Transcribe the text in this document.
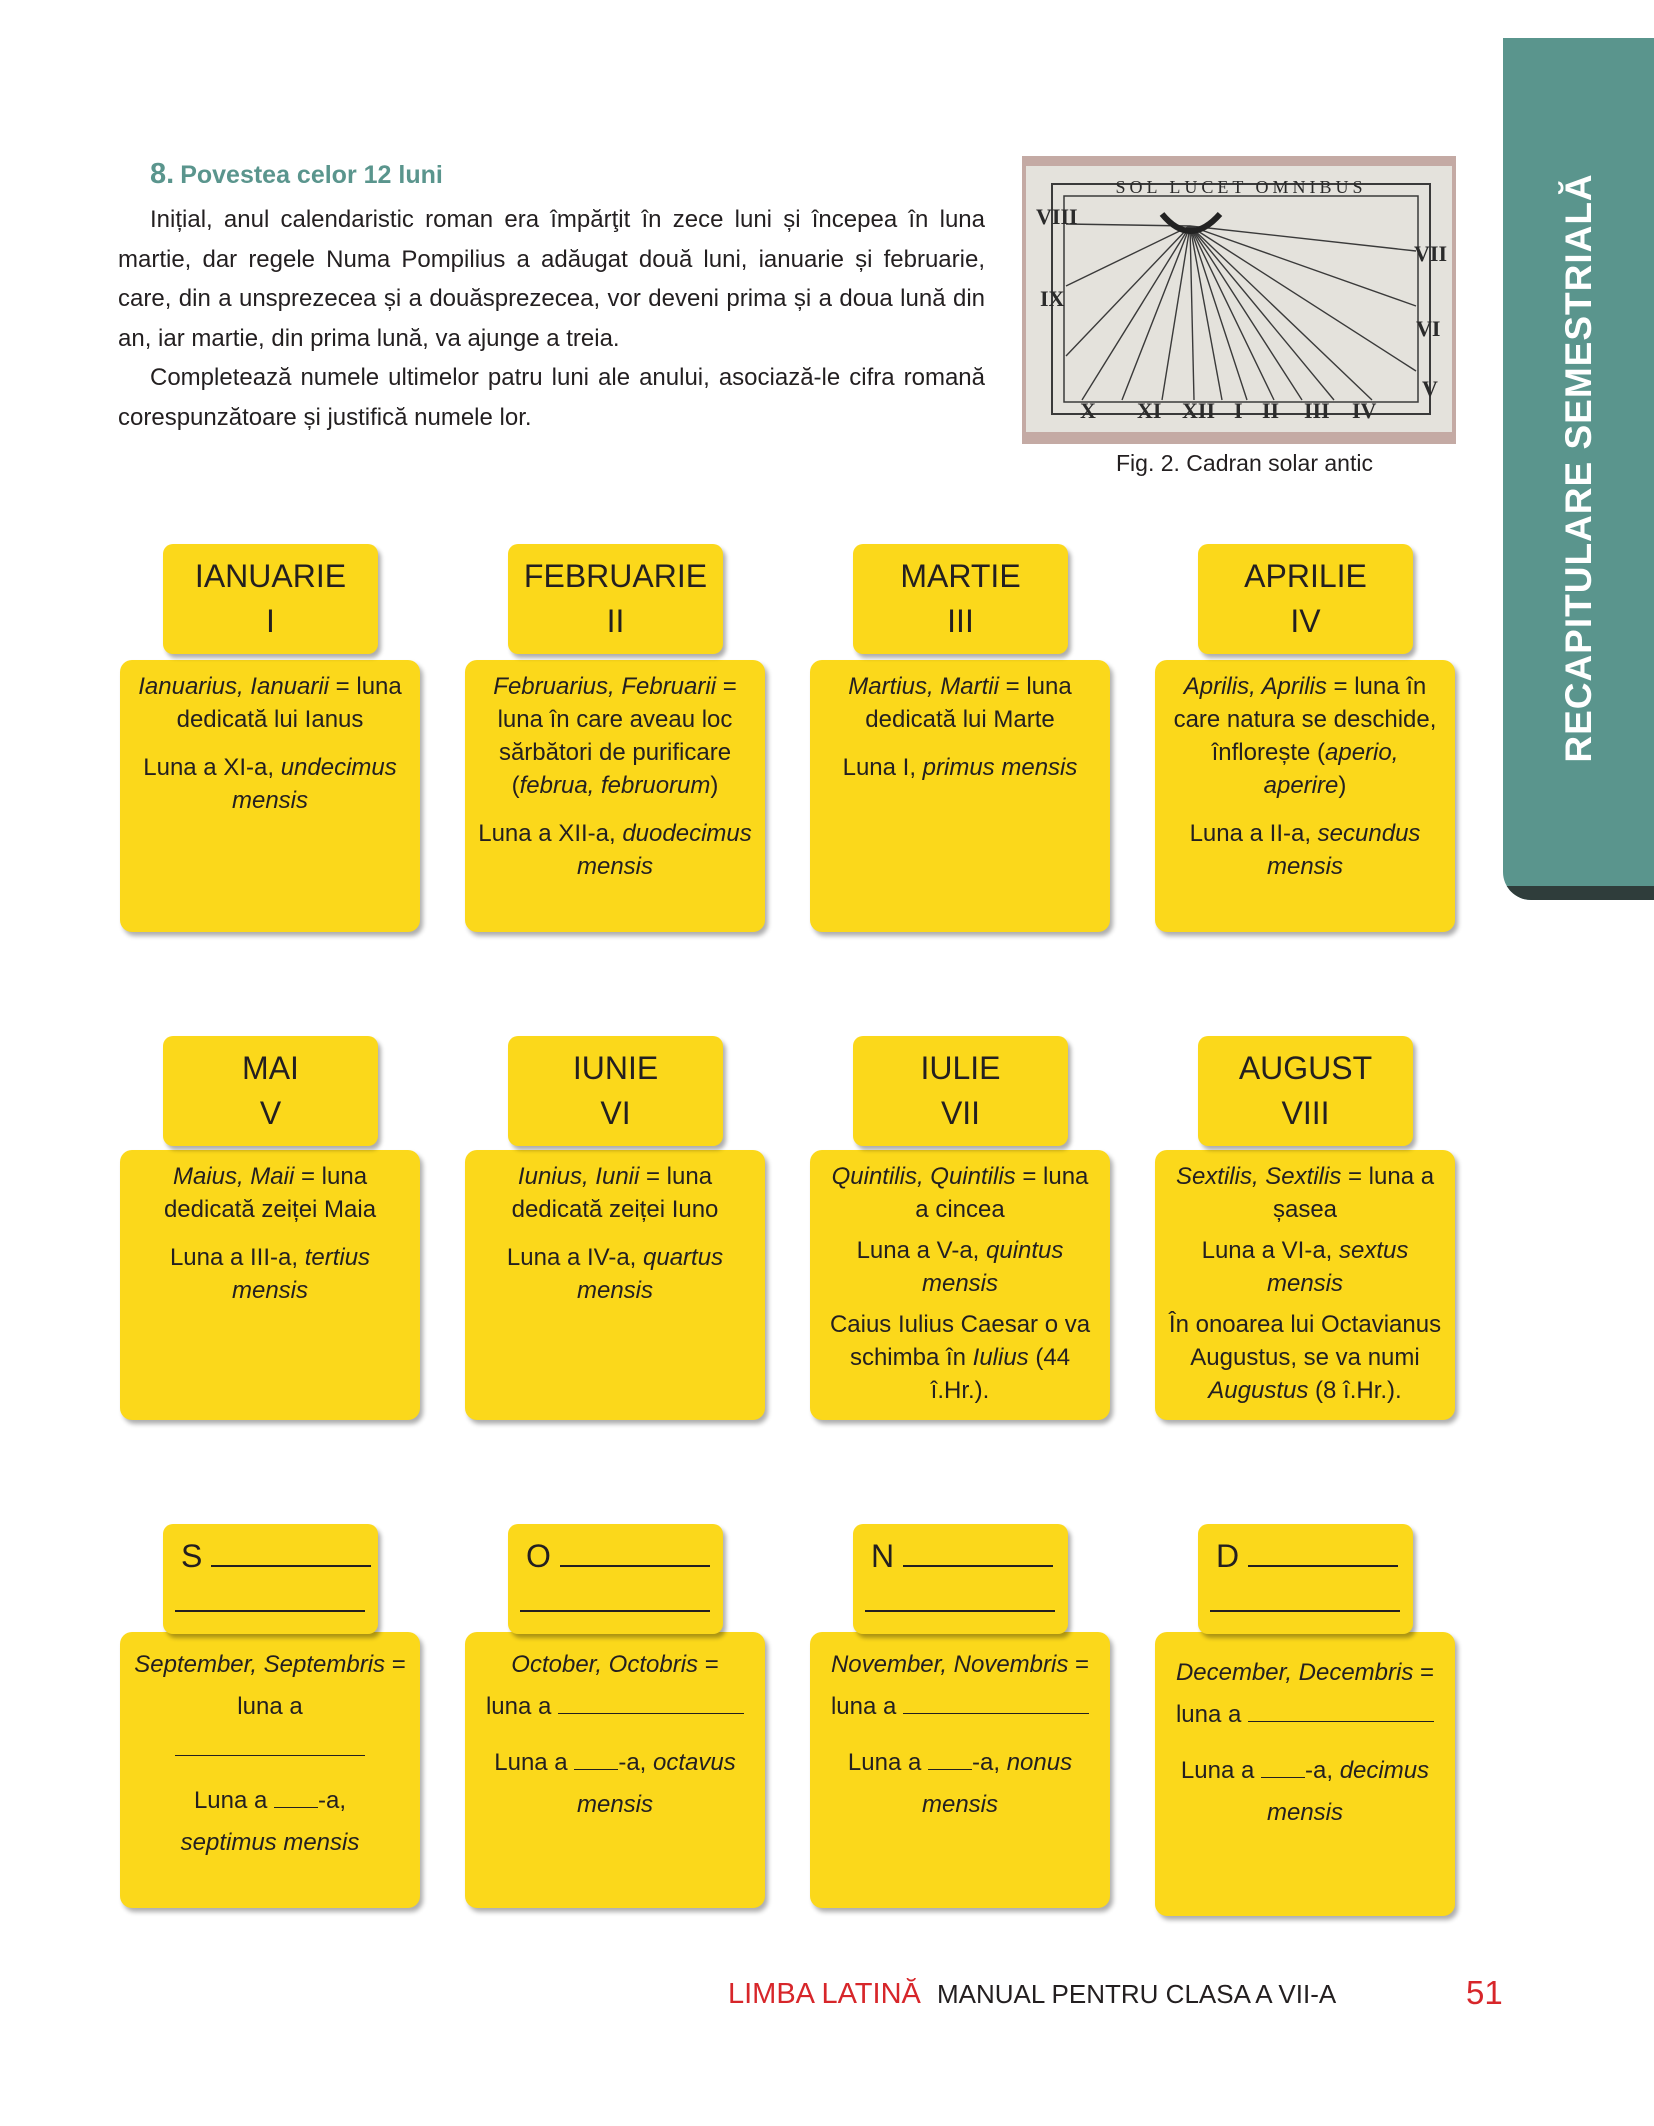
RECAPITULARE SEMESTRIALĂ
8. Povestea celor 12 luni

Inițial, anul calendaristic roman era împărţit în zece luni și începea în luna martie, dar regele Numa Pompilius a adăugat două luni, ianuarie și februarie, care, din a unsprezecea și a douăsprezecea, vor deveni prima și a doua lună din an, iar martie, din prima lună, va ajunge a treia.

Completează numele ultimelor patru luni ale anului, asociază-le cifra romană corespunzătoare și justifică numele lor.

SOL LUCET OMNIBUS
VIII
IX
X XI XII I II III IV
V
VI
VII
Fig. 2. Cadran solar antic
IANUARIE
I

Ianuarius, Ianuarii = luna dedicată lui Ianus

Luna a XI-a, undecimus mensis

FEBRUARIE
II

Februarius, Februarii = luna în care aveau loc sărbători de purificare (februa, februorum)

Luna a XII-a, duodecimus mensis

MARTIE
III

Martius, Martii = luna dedicată lui Marte

Luna I, primus mensis

APRILIE
IV

Aprilis, Aprilis = luna în care natura se deschide, înflorește (aperio, aperire)

Luna a II-a, secundus mensis

MAI
V

Maius, Maii = luna dedicată zeiței Maia

Luna a III-a, tertius mensis

IUNIE
VI

Iunius, Iunii = luna dedicată zeiței Iuno

Luna a IV-a, quartus mensis

IULIE
VII

Quintilis, Quintilis = luna a cincea

Luna a V-a, quintus mensis

Caius Iulius Caesar o va schimba în Iulius (44 î.Hr.).

AUGUST
VIII

Sextilis, Sextilis = luna a șasea

Luna a VI-a, sextus mensis

În onoarea lui Octavianus Augustus, se va numi Augustus (8 î.Hr.).

S

September, Septembris = luna a

Luna a -a,
septimus mensis

O

October, Octobris =
luna a

Luna a -a, octavus mensis

N

November, Novembris =
luna a

Luna a -a, nonus mensis

D

December, Decembris =
luna a

Luna a -a, decimus mensis

LIMBA LATINĂ MANUAL PENTRU CLASA A VII-A	51
